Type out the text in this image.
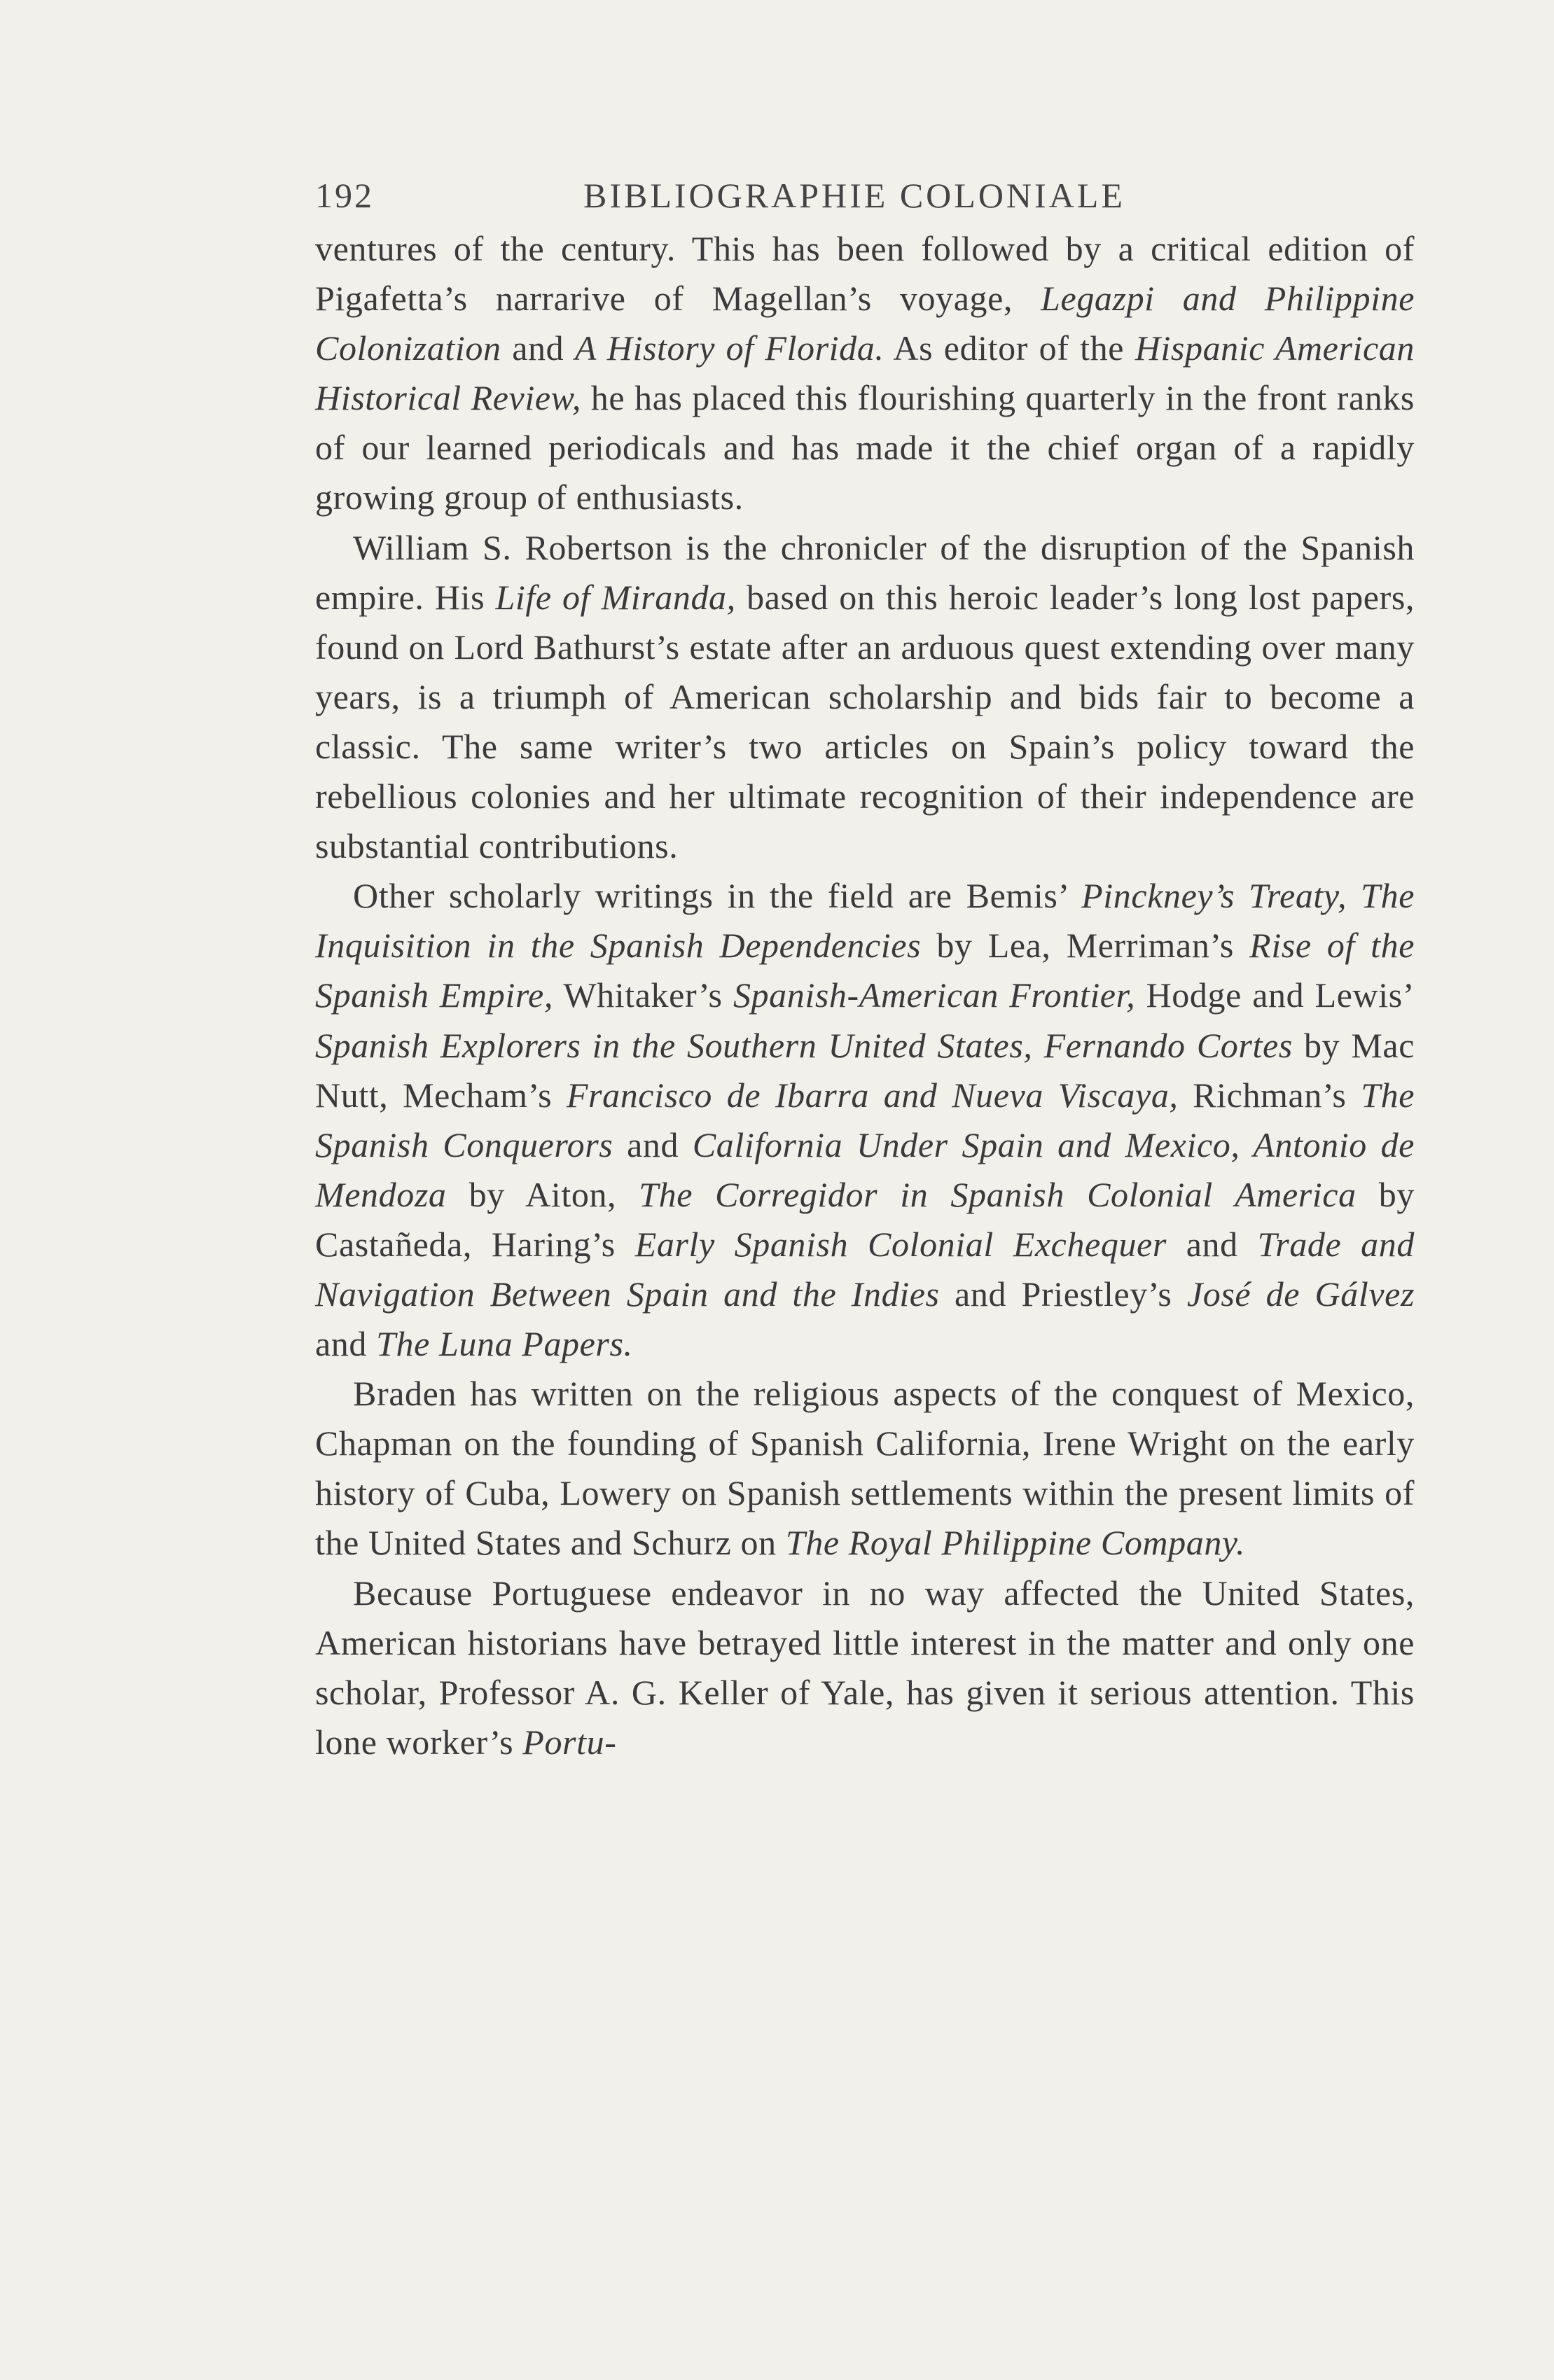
192	BIBLIOGRAPHIE COLONIALE

ventures of the century. This has been followed by a critical edition of Pigafetta’s narrarive of Magellan’s voyage, Legazpi and Philippine Colonization and A History of Florida. As editor of the Hispanic American Historical Review, he has placed this flourishing quarterly in the front ranks of our learned periodicals and has made it the chief organ of a rapidly growing group of enthusiasts.

William S. Robertson is the chronicler of the disruption of the Spanish empire. His Life of Miranda, based on this heroic leader’s long lost papers, found on Lord Bathurst’s estate after an arduous quest extending over many years, is a triumph of American scholarship and bids fair to become a classic. The same writer’s two articles on Spain’s policy toward the rebellious colonies and her ultimate recognition of their independence are substantial contributions.

Other scholarly writings in the field are Bemis’ Pinckney’s Treaty, The Inquisition in the Spanish Dependencies by Lea, Merriman’s Rise of the Spanish Empire, Whitaker’s Spanish-American Frontier, Hodge and Lewis’ Spanish Explorers in the Southern United States, Fernando Cortes by Mac Nutt, Mecham’s Francisco de Ibarra and Nueva Viscaya, Richman’s The Spanish Conquerors and California Under Spain and Mexico, Antonio de Mendoza by Aiton, The Corregidor in Spanish Colonial America by Castañeda, Haring’s Early Spanish Colonial Exchequer and Trade and Navigation Between Spain and the Indies and Priestley’s José de Gálvez and The Luna Papers.

Braden has written on the religious aspects of the conquest of Mexico, Chapman on the founding of Spanish California, Irene Wright on the early history of Cuba, Lowery on Spanish settlements within the present limits of the United States and Schurz on The Royal Philippine Company.

Because Portuguese endeavor in no way affected the United States, American historians have betrayed little interest in the matter and only one scholar, Professor A. G. Keller of Yale, has given it serious attention. This lone worker’s Portu-
